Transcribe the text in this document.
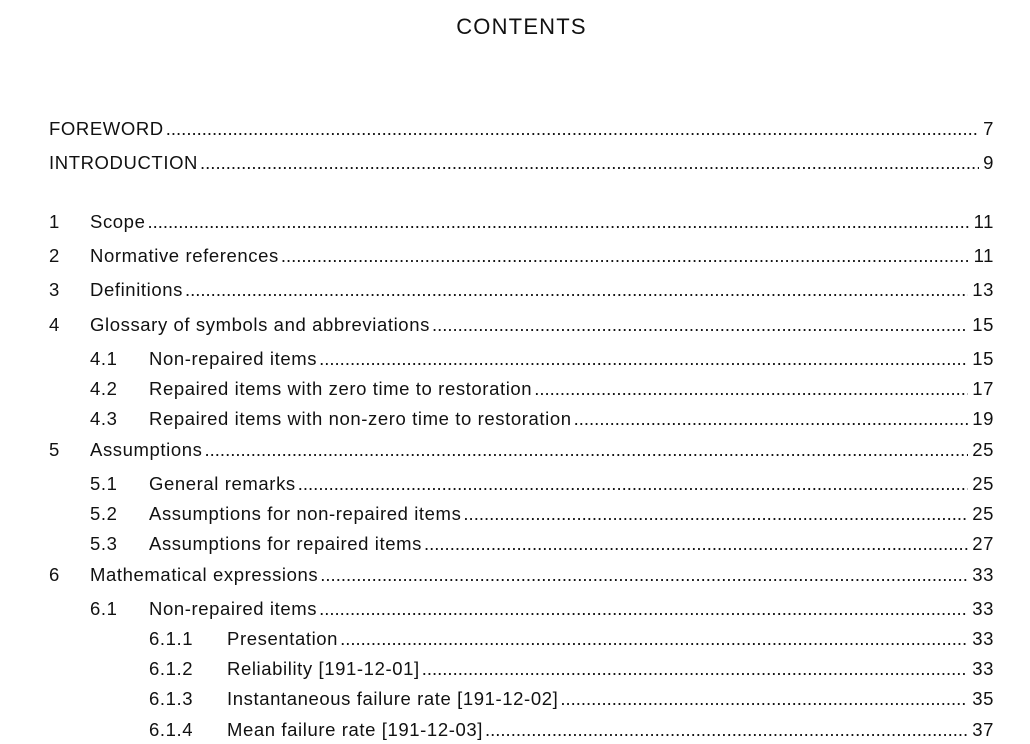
CONTENTS
FOREWORD .....	7
INTRODUCTION .....	9
1 Scope .....	11
2 Normative references .....	11
3 Definitions .....	13
4 Glossary of symbols and abbreviations .....	15
4.1 Non-repaired items .....	15
4.2 Repaired items with zero time to restoration .....	17
4.3 Repaired items with non-zero time to restoration .....	19
5 Assumptions .....	25
5.1 General remarks .....	25
5.2 Assumptions for non-repaired items .....	25
5.3 Assumptions for repaired items .....	27
6 Mathematical expressions .....	33
6.1 Non-repaired items .....	33
6.1.1 Presentation .....	33
6.1.2 Reliability [191-12-01] .....	33
6.1.3 Instantaneous failure rate [191-12-02] .....	35
6.1.4 Mean failure rate [191-12-03] .....	37
